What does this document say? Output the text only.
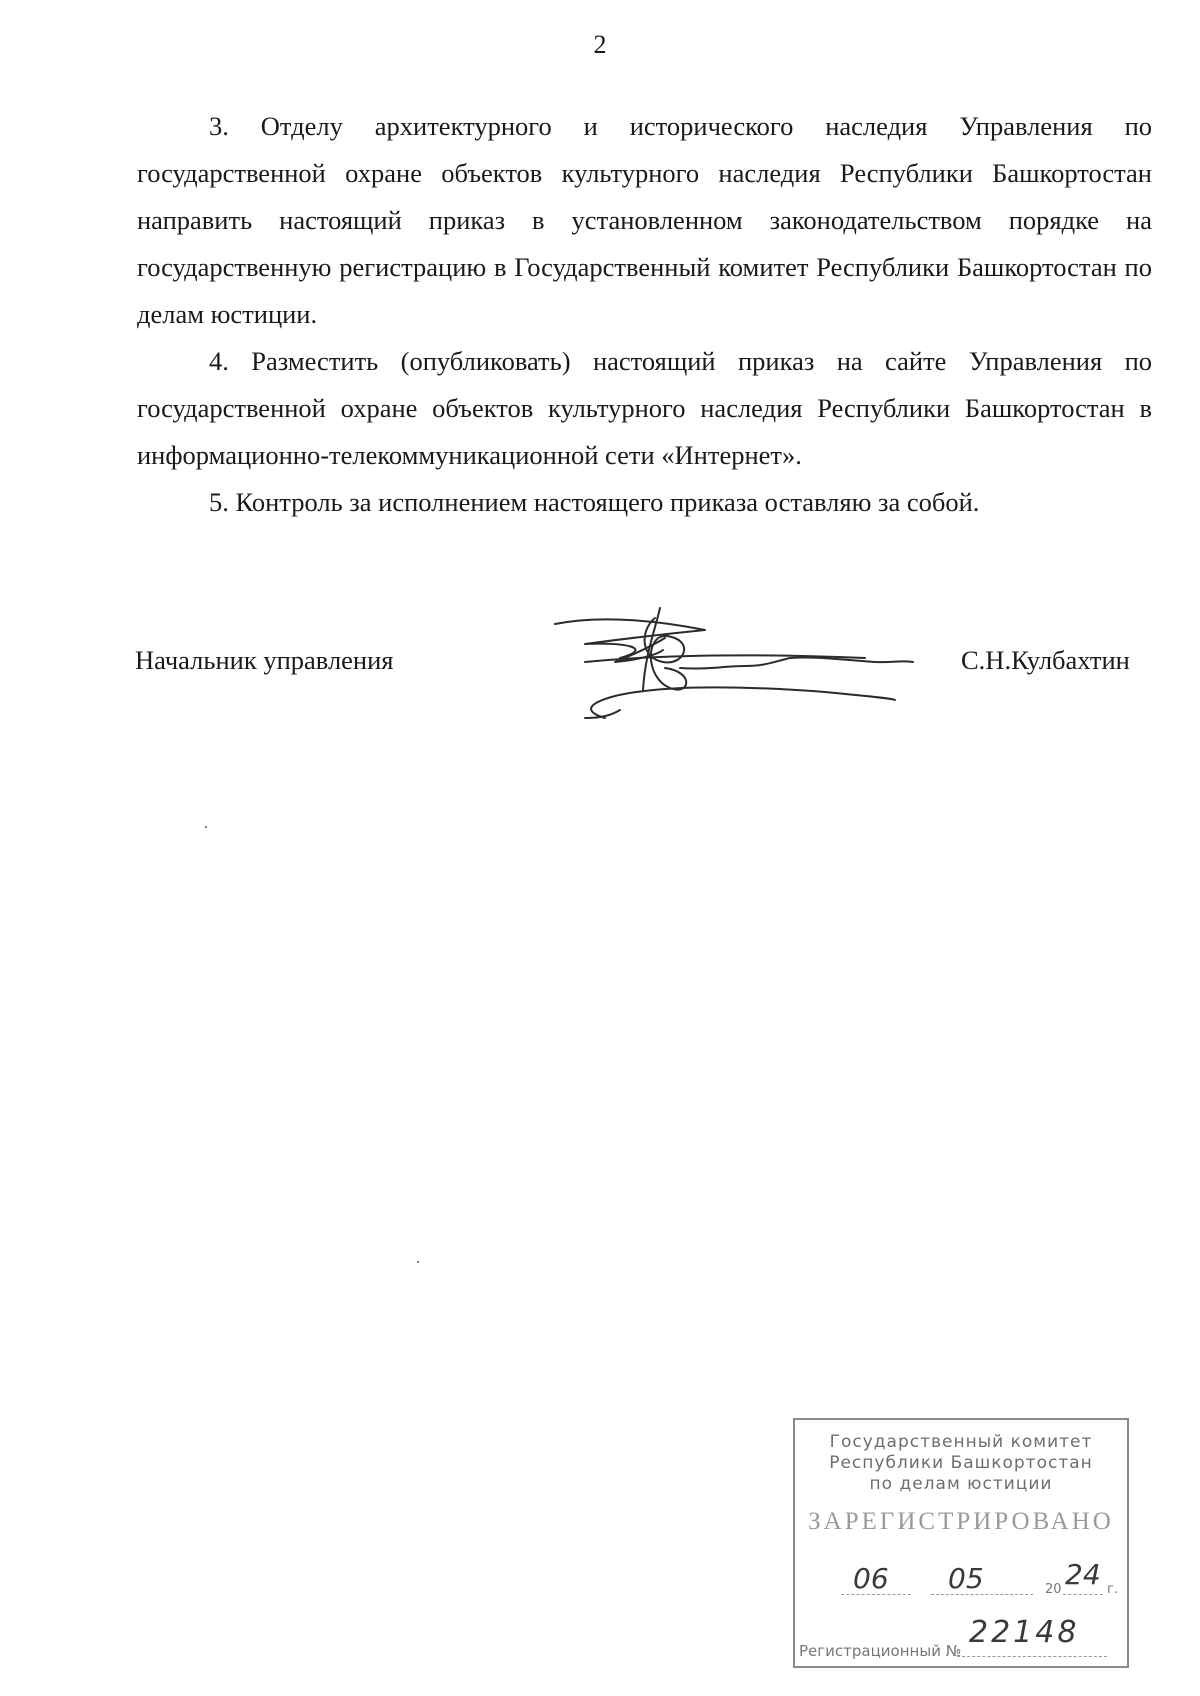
2

3. Отделу архитектурного и исторического наследия Управления по государственной охране объектов культурного наследия Республики Башкортостан направить настоящий приказ в установленном законодательством порядке на государственную регистрацию в Государственный комитет Республики Башкортостан по делам юстиции.

4. Разместить (опубликовать) настоящий приказ на сайте Управления по государственной охране объектов культурного наследия Республики Башкортостан в информационно-телекоммуникационной сети «Интернет».

5. Контроль за исполнением настоящего приказа оставляю за собой.

Начальник управления	С.Н.Кулбахтин
Государственный комитет
Республики Башкортостан
по делам юстиции
ЗАРЕГИСТРИРОВАНО
06 05	20 24 г.
Регистрационный №
22148
